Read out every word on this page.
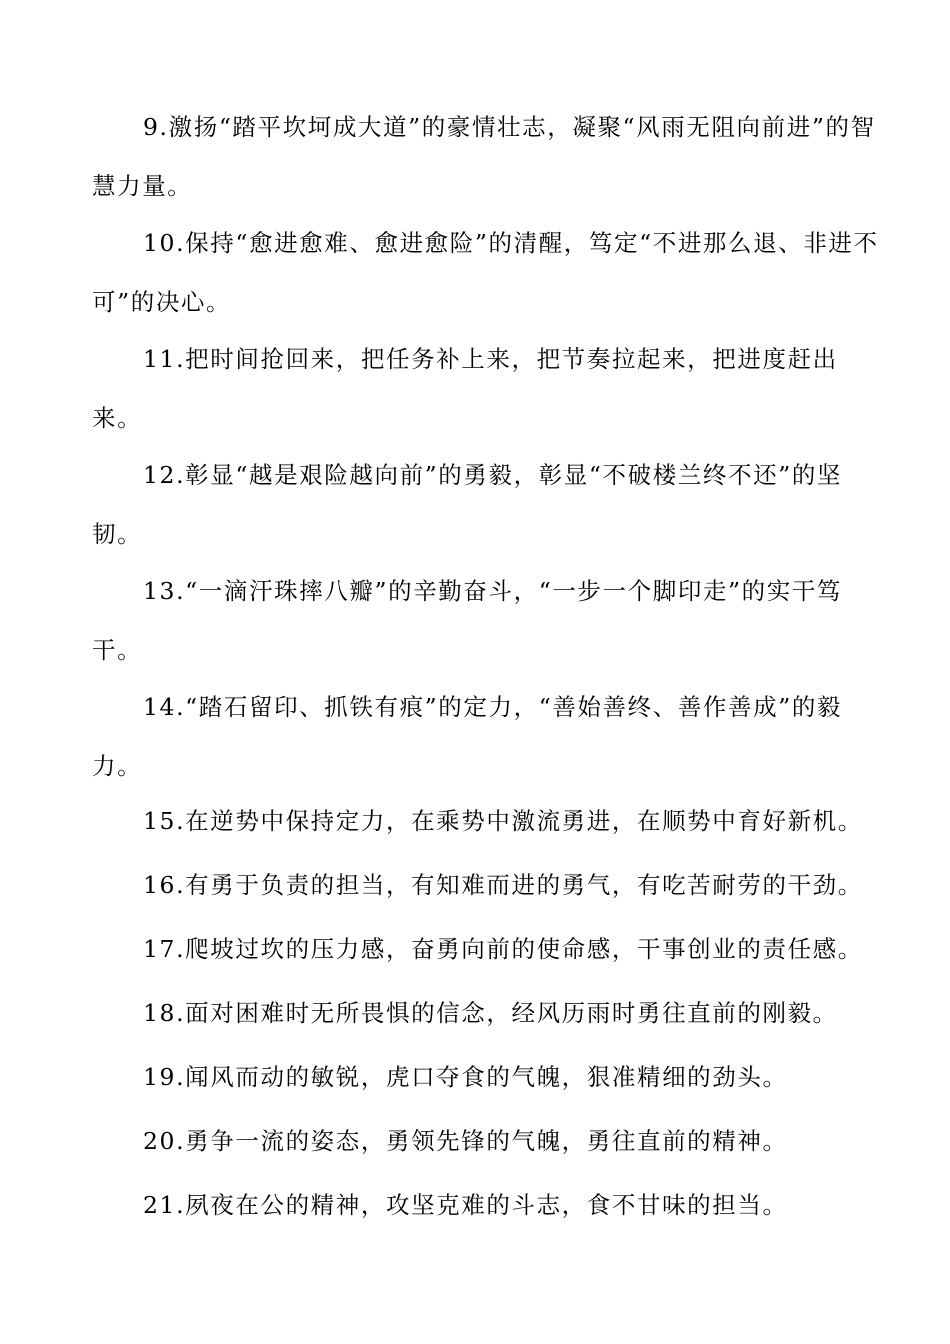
9.激扬“踏平坎坷成大道”的豪情壮志，凝聚“风雨无阻向前进”的智慧力量。

10.保持“愈进愈难、愈进愈险”的清醒，笃定“不进那么退、非进不可”的决心。

11.把时间抢回来，把任务补上来，把节奏拉起来，把进度赶出来。

12.彰显“越是艰险越向前”的勇毅，彰显“不破楼兰终不还”的坚韧。

13.“一滴汗珠摔八瓣”的辛勤奋斗，“一步一个脚印走”的实干笃干。

14.“踏石留印、抓铁有痕”的定力，“善始善终、善作善成”的毅力。

15.在逆势中保持定力，在乘势中激流勇进，在顺势中育好新机。

16.有勇于负责的担当，有知难而进的勇气，有吃苦耐劳的干劲。

17.爬坡过坎的压力感，奋勇向前的使命感，干事创业的责任感。

18.面对困难时无所畏惧的信念，经风历雨时勇往直前的刚毅。

19.闻风而动的敏锐，虎口夺食的气魄，狠准精细的劲头。

20.勇争一流的姿态，勇领先锋的气魄，勇往直前的精神。

21.夙夜在公的精神，攻坚克难的斗志，食不甘味的担当。
